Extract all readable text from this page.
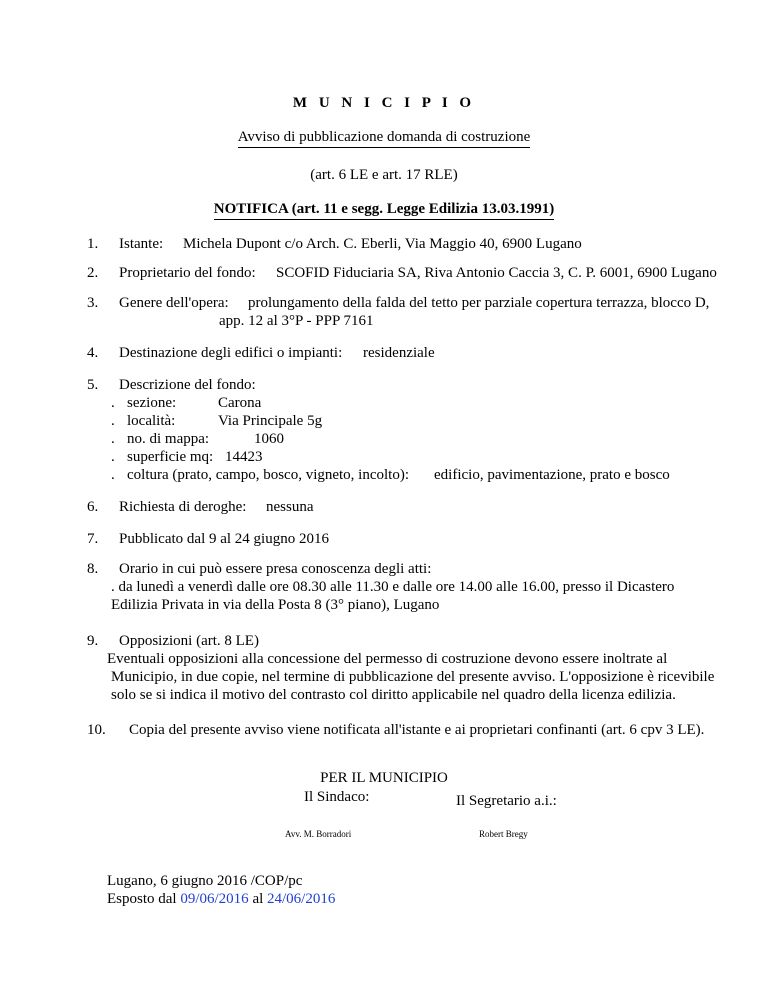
M U N I C I P I O
Avviso di pubblicazione domanda di costruzione
(art. 6 LE e art. 17 RLE)
NOTIFICA (art. 11 e segg. Legge Edilizia 13.03.1991)
1. Istante: Michela Dupont c/o Arch. C. Eberli, Via Maggio 40, 6900 Lugano
2. Proprietario del fondo: SCOFID Fiduciaria SA, Riva Antonio Caccia 3, C. P. 6001, 6900 Lugano
3. Genere dell'opera: prolungamento della falda del tetto per parziale copertura terrazza, blocco D,
app. 12 al 3°P - PPP 7161
4. Destinazione degli edifici o impianti: residenziale
5. Descrizione del fondo:
. sezione:	Carona
. località:	Via Principale 5g
. no. di mappa:	1060
. superficie mq: 14423
. coltura (prato, campo, bosco, vigneto, incolto): edificio, pavimentazione, prato e bosco
6. Richiesta di deroghe: nessuna
7. Pubblicato dal 9 al 24 giugno 2016
8. Orario in cui può essere presa conoscenza degli atti:
. da lunedì a venerdì dalle ore 08.30 alle 11.30 e dalle ore 14.00 alle 16.00, presso il Dicastero
Edilizia Privata in via della Posta 8 (3° piano), Lugano
9. Opposizioni (art. 8 LE)
Eventuali opposizioni alla concessione del permesso di costruzione devono essere inoltrate al
Municipio, in due copie, nel termine di pubblicazione del presente avviso. L'opposizione è ricevibile
solo se si indica il motivo del contrasto col diritto applicabile nel quadro della licenza edilizia.
10. Copia del presente avviso viene notificata all'istante e ai proprietari confinanti (art. 6 cpv 3 LE).
PER IL MUNICIPIO
Il Sindaco:	Il Segretario a.i.:
Avv. M. Borradori	Robert Bregy
Lugano, 6 giugno 2016 /COP/pc
Esposto dal 09/06/2016 al 24/06/2016
